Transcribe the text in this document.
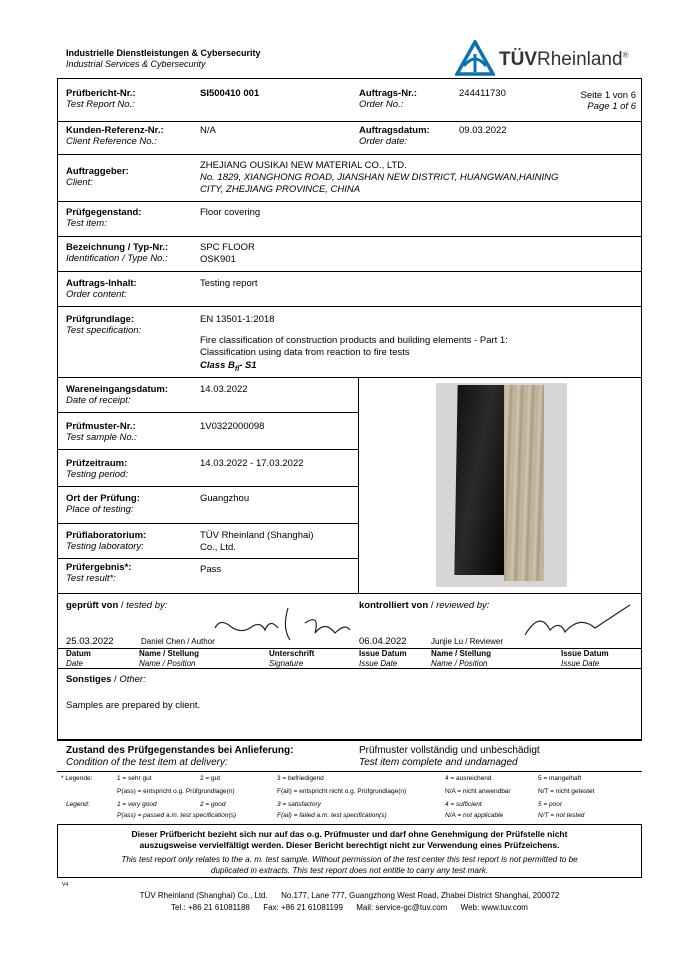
Industrielle Dienstleistungen & Cybersecurity
Industrial Services & Cybersecurity	TÜVRheinland®
Prüfbericht-Nr.:
Test Report No.:
SI500410 001	Auftrags-Nr.:
Order No.:
244411730	Seite 1 von 6
Page 1 of 6
Kunden-Referenz-Nr.:
Client Reference No.:
N/A	Auftragsdatum:
Order date:
09.03.2022
Auftraggeber:
Client:
ZHEJIANG OUSIKAI NEW MATERIAL CO., LTD.
No. 1829, XIANGHONG ROAD, JIANSHAN NEW DISTRICT, HUANGWAN,HAINING
CITY, ZHEJIANG PROVINCE, CHINA
Prüfgegenstand:
Test item:
Floor covering
Bezeichnung / Typ-Nr.:
Identification / Type No.:
SPC FLOOR
OSK901
Auftrags-Inhalt:
Order content:
Testing report
Prüfgrundlage:
Test specification:
EN 13501-1:2018
Fire classification of construction products and building elements - Part 1:
Classification using data from reaction to fire tests
Class $B_{fl}-$ S1
Wareneingangsdatum:
Date of receipt:
14.03.2022
Prüfmuster-Nr.:
Test sample No.:
1V0322000098
Prüfzeitraum:
Testing period:
14.03.2022 - 17.03.2022
Ort der Prüfung:
Place of testing:
Guangzhou
Prüflaboratorium:
Testing laboratory:
TÜV Rheinland (Shanghai)
Co., Ltd.
Prüfergebnis*:
Test result*:
Pass
geprüft von / tested by:	kontrolliert von / reviewed by:
25.03.2022	Daniel Chen / Author	06.04.2022	Junjie Lu / Reviewer
Datum
Date
Name / Stellung
Name / Position
Unterschrift
Signature
Issue Datum
Issue Date
Name / Stellung
Name / Position
Issue Datum
Issue Date
Sonstiges / Other:
Samples are prepared by client.
Zustand des Prüfgegenstandes bei Anlieferung:
Condition of the test item at delivery:
Prüfmuster vollständig und unbeschädigt
Test item complete and undamaged
* Legende:	1 = sehr gut	2 = gut	3 = befriedigend	4 = ausreichend	5 = mangelhaft
P(ass) = entspricht o.g. Prüfgrundlage(n)	F(ail) = entspricht nicht o.g. Prüfgrundlage(n)	N/A = nicht anwendbar	N/T = nicht getestet
Legend:	1 = very good	2 = good	3 = satisfactory	4 = sufficient	5 = poor
P(ass) = passed a.m. test specification(s)	F(ail) = failed a.m. test specification(s)	N/A = not applicable	N/T = not tested
Dieser Prüfbericht bezieht sich nur auf das o.g. Prüfmuster und darf ohne Genehmigung der Prüfstelle nicht
auszugsweise vervielfältigt werden. Dieser Bericht berechtigt nicht zur Verwendung eines Prüfzeichens.
This test report only relates to the a. m. test sample. Without permission of the test center this test report is not permitted to be
duplicated in extracts. This test report does not entitle to carry any test mark.
V4
TÜV Rheinland (Shanghai) Co., Ltd.      No.177, Lane 777, Guangzhong West Road, Zhabei District Shanghai, 200072
Tel.: +86 21 61081188      Fax: +86 21 61081199      Mail: service-gc@tuv.com      Web: www.tuv.com
